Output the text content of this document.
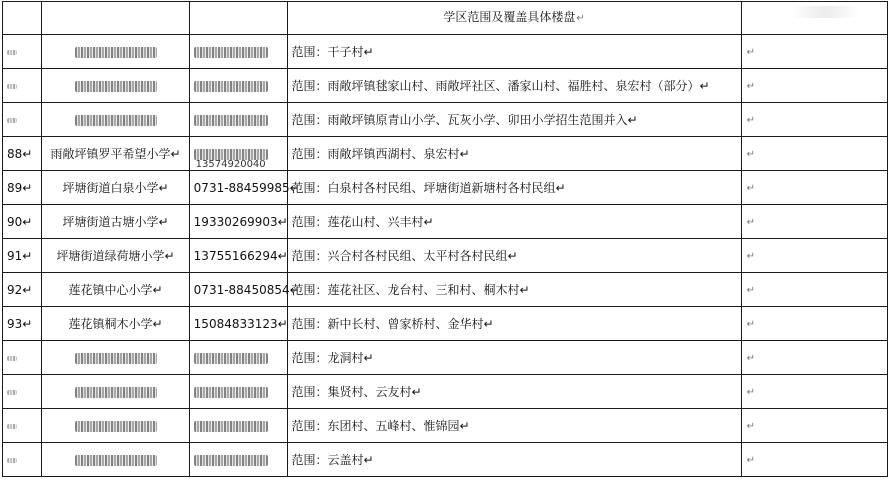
			学区范围及覆盖具体楼盘↵	
			范围：干子村↵	↵
			范围：雨敞坪镇毬家山村、雨敞坪社区、潘家山村、福胜村、泉宏村（部分）↵	↵
			范围：雨敞坪镇原青山小学、瓦灰小学、卯田小学招生范围并入↵	↵
88↵	雨敞坪镇罗平希望小学↵	13574920040	范围：雨敞坪镇西湖村、泉宏村↵	↵
89↵	坪塘街道白泉小学↵	0731-88459985↵	范围：白泉村各村民组、坪塘街道新塘村各村民组↵	↵
90↵	坪塘街道古塘小学↵	19330269903↵	范围：莲花山村、兴丰村↵	↵
91↵	坪塘街道绿荷塘小学↵	13755166294↵	范围：兴合村各村民组、太平村各村民组↵	↵
92↵	莲花镇中心小学↵	0731-88450854↵	范围：莲花社区、龙台村、三和村、桐木村↵	↵
93↵	莲花镇桐木小学↵	15084833123↵	范围：新中长村、曾家桥村、金华村↵	↵
			范围：龙洞村↵	↵
			范围：集贤村、云友村↵	↵
			范围：东团村、五峰村、惟锦园↵	↵
			范围：云盖村↵	↵
